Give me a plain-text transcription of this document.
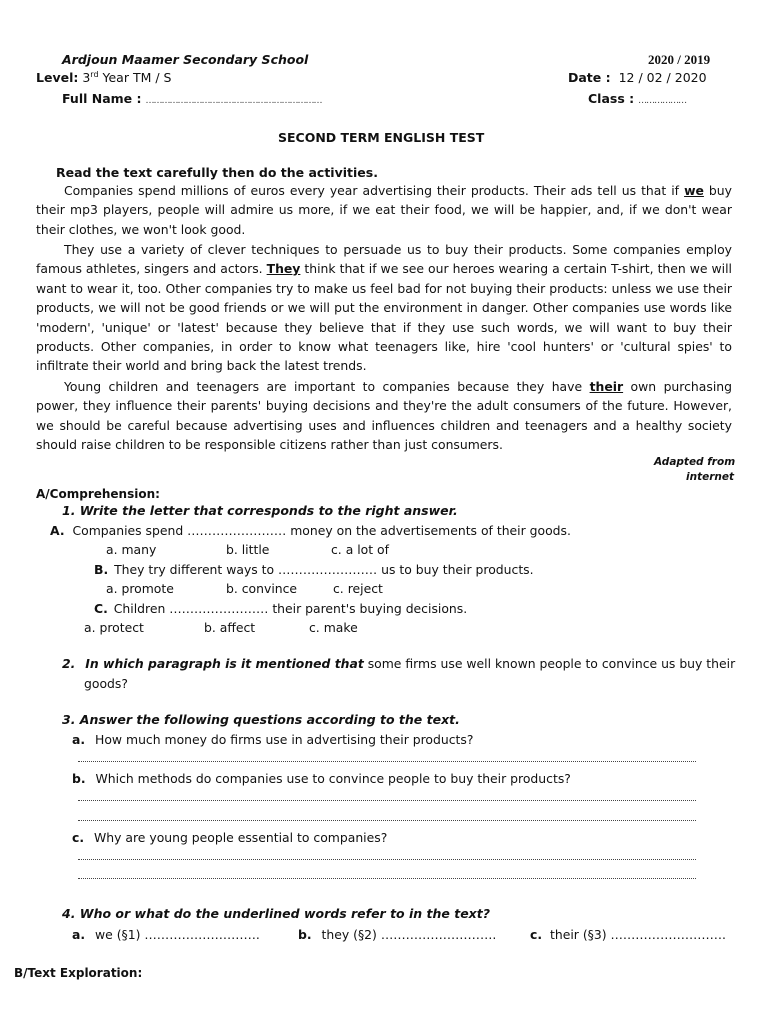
Ardjoun Maamer Secondary School	2020 / 2019
Level: 3rd Year TM / S	Date : 12 / 02 / 2020
Full Name : …………………………………………………………	Class : ………………
SECOND TERM ENGLISH TEST
Read the text carefully then do the activities.
Companies spend millions of euros every year advertising their products. Their ads tell us that if we buy their mp3 players, people will admire us more, if we eat their food, we will be happier, and, if we don't wear their clothes, we won't look good.
They use a variety of clever techniques to persuade us to buy their products. Some companies employ famous athletes, singers and actors. They think that if we see our heroes wearing a certain T-shirt, then we will want to wear it, too. Other companies try to make us feel bad for not buying their products: unless we use their products, we will not be good friends or we will put the environment in danger. Other companies use words like 'modern', 'unique' or 'latest' because they believe that if they use such words, we will want to buy their products. Other companies, in order to know what teenagers like, hire 'cool hunters' or 'cultural spies' to infiltrate their world and bring back the latest trends.
Young children and teenagers are important to companies because they have their own purchasing power, they influence their parents' buying decisions and they're the adult consumers of the future. However, we should be careful because advertising uses and influences children and teenagers and a healthy society should raise children to be responsible citizens rather than just consumers.
Adapted from
internet
A/Comprehension:
1. Write the letter that corresponds to the right answer.
A. Companies spend …………………… money on the advertisements of their goods.
a. many	b. little	c. a lot of
B. They try different ways to …………………… us to buy their products.
a. promote	b. convince	c. reject
C. Children …………………… their parent's buying decisions.
a. protect	b. affect	c. make
2. In which paragraph is it mentioned that some firms use well known people to convince us buy their
goods?
3. Answer the following questions according to the text.
a. How much money do firms use in advertising their products?
b. Which methods do companies use to convince people to buy their products?
c. Why are young people essential to companies?
4. Who or what do the underlined words refer to in the text?
a. we (§1) ……………………….	b. they (§2) ……………………….	c. their (§3) ……………………….
B/Text Exploration:
